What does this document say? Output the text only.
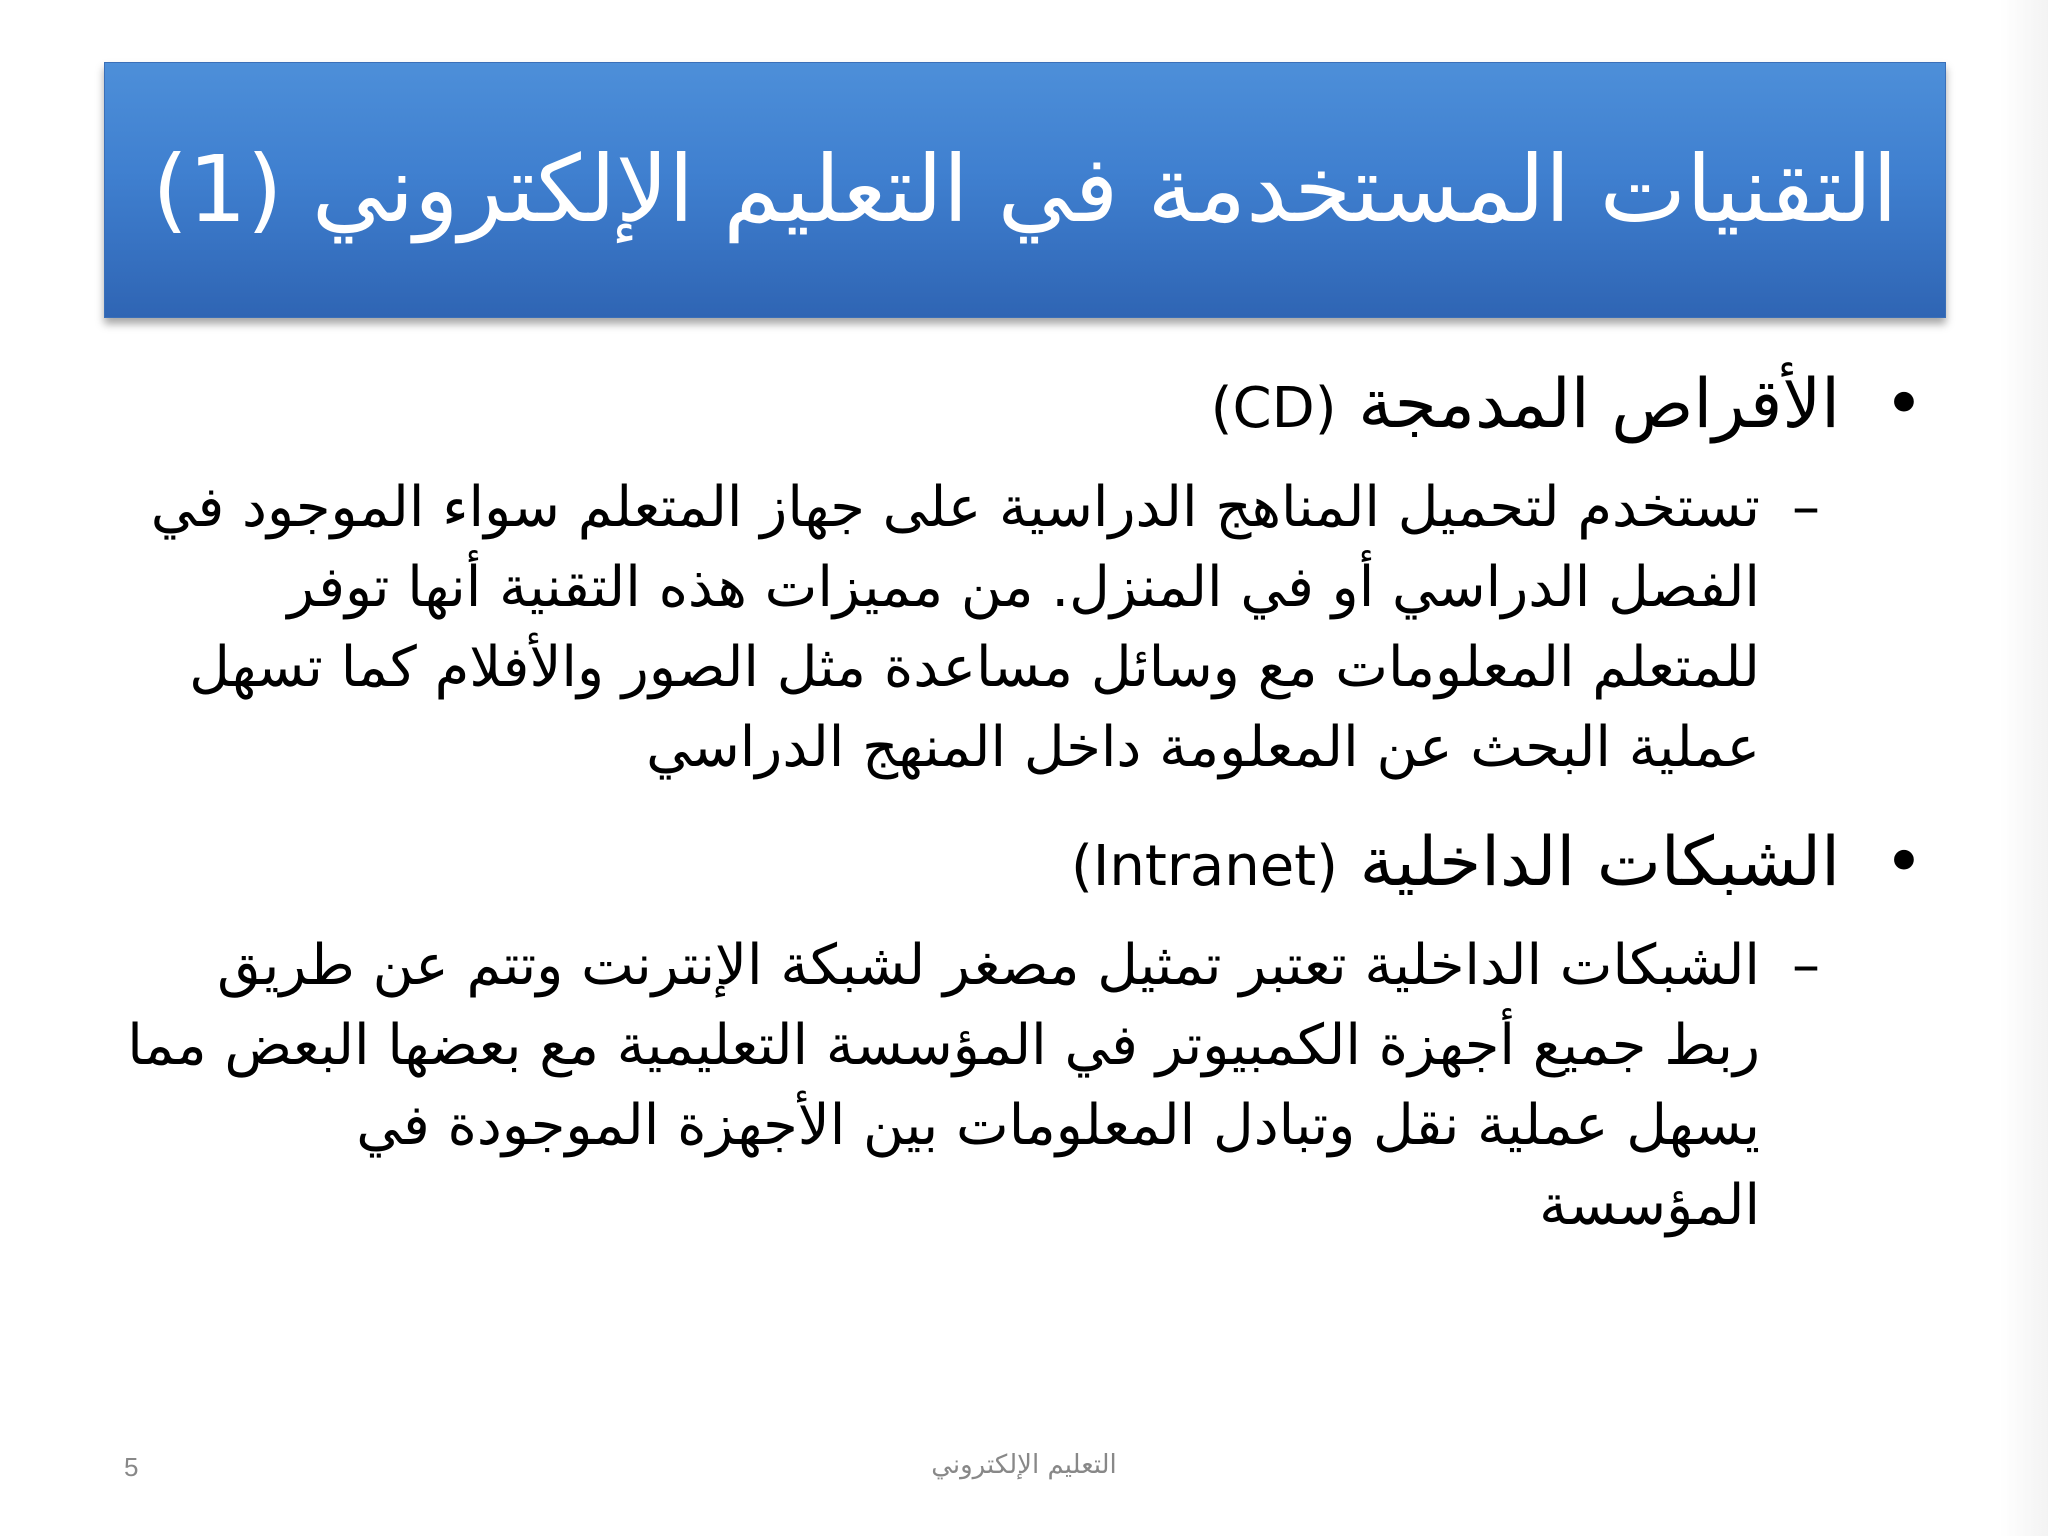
التقنيات المستخدمة في التعليم الإلكتروني (1)
•
الأقراص المدمجة (CD)
–
تستخدم لتحميل المناهج الدراسية على جهاز المتعلم سواء الموجود في الفصل الدراسي أو في المنزل. من مميزات هذه التقنية أنها توفر للمتعلم المعلومات مع وسائل مساعدة مثل الصور والأفلام كما تسهل عملية البحث عن المعلومة داخل المنهج الدراسي
•
الشبكات الداخلية (Intranet)
–
الشبكات الداخلية تعتبر تمثيل مصغر لشبكة الإنترنت وتتم عن طريق ربط جميع أجهزة الكمبيوتر في المؤسسة التعليمية مع بعضها البعض مما يسهل عملية نقل وتبادل المعلومات بين الأجهزة الموجودة في المؤسسة
5	التعليم الإلكتروني
